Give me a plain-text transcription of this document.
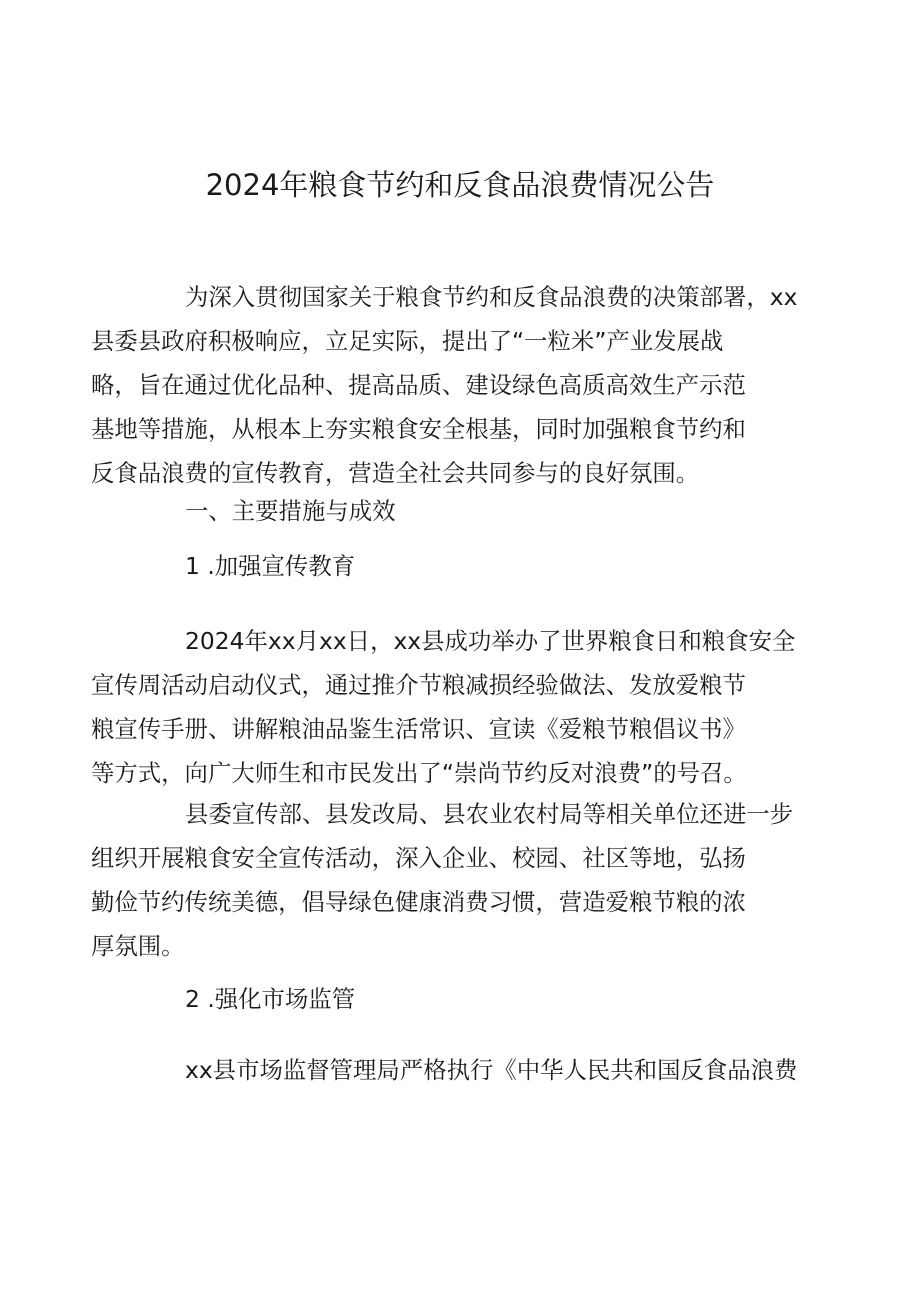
2024年粮食节约和反食品浪费情况公告
为深入贯彻国家关于粮食节约和反食品浪费的决策部署，xx
县委县政府积极响应，立足实际，提出了“一粒米”产业发展战
略，旨在通过优化品种、提高品质、建设绿色高质高效生产示范
基地等措施，从根本上夯实粮食安全根基，同时加强粮食节约和
反食品浪费的宣传教育，营造全社会共同参与的良好氛围。
一、主要措施与成效
1 .加强宣传教育
2024年xx月xx日，xx县成功举办了世界粮食日和粮食安全
宣传周活动启动仪式，通过推介节粮减损经验做法、发放爱粮节
粮宣传手册、讲解粮油品鉴生活常识、宣读《爱粮节粮倡议书》
等方式，向广大师生和市民发出了“崇尚节约反对浪费”的号召。
县委宣传部、县发改局、县农业农村局等相关单位还进一步
组织开展粮食安全宣传活动，深入企业、校园、社区等地，弘扬
勤俭节约传统美德，倡导绿色健康消费习惯，营造爱粮节粮的浓
厚氛围。
2 .强化市场监管
xx县市场监督管理局严格执行《中华人民共和国反食品浪费
